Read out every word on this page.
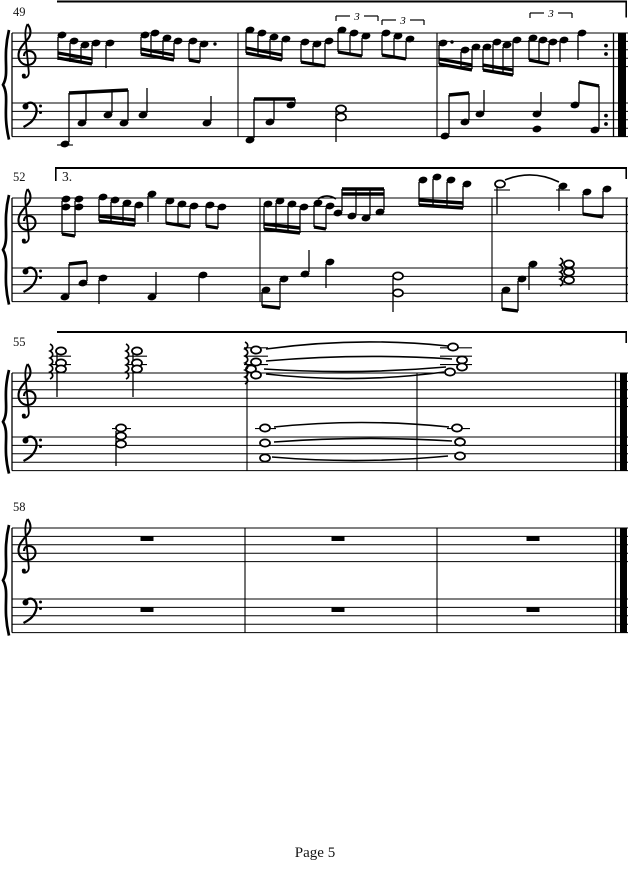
49
52
55
58
3.
3	3
3
Page 5
